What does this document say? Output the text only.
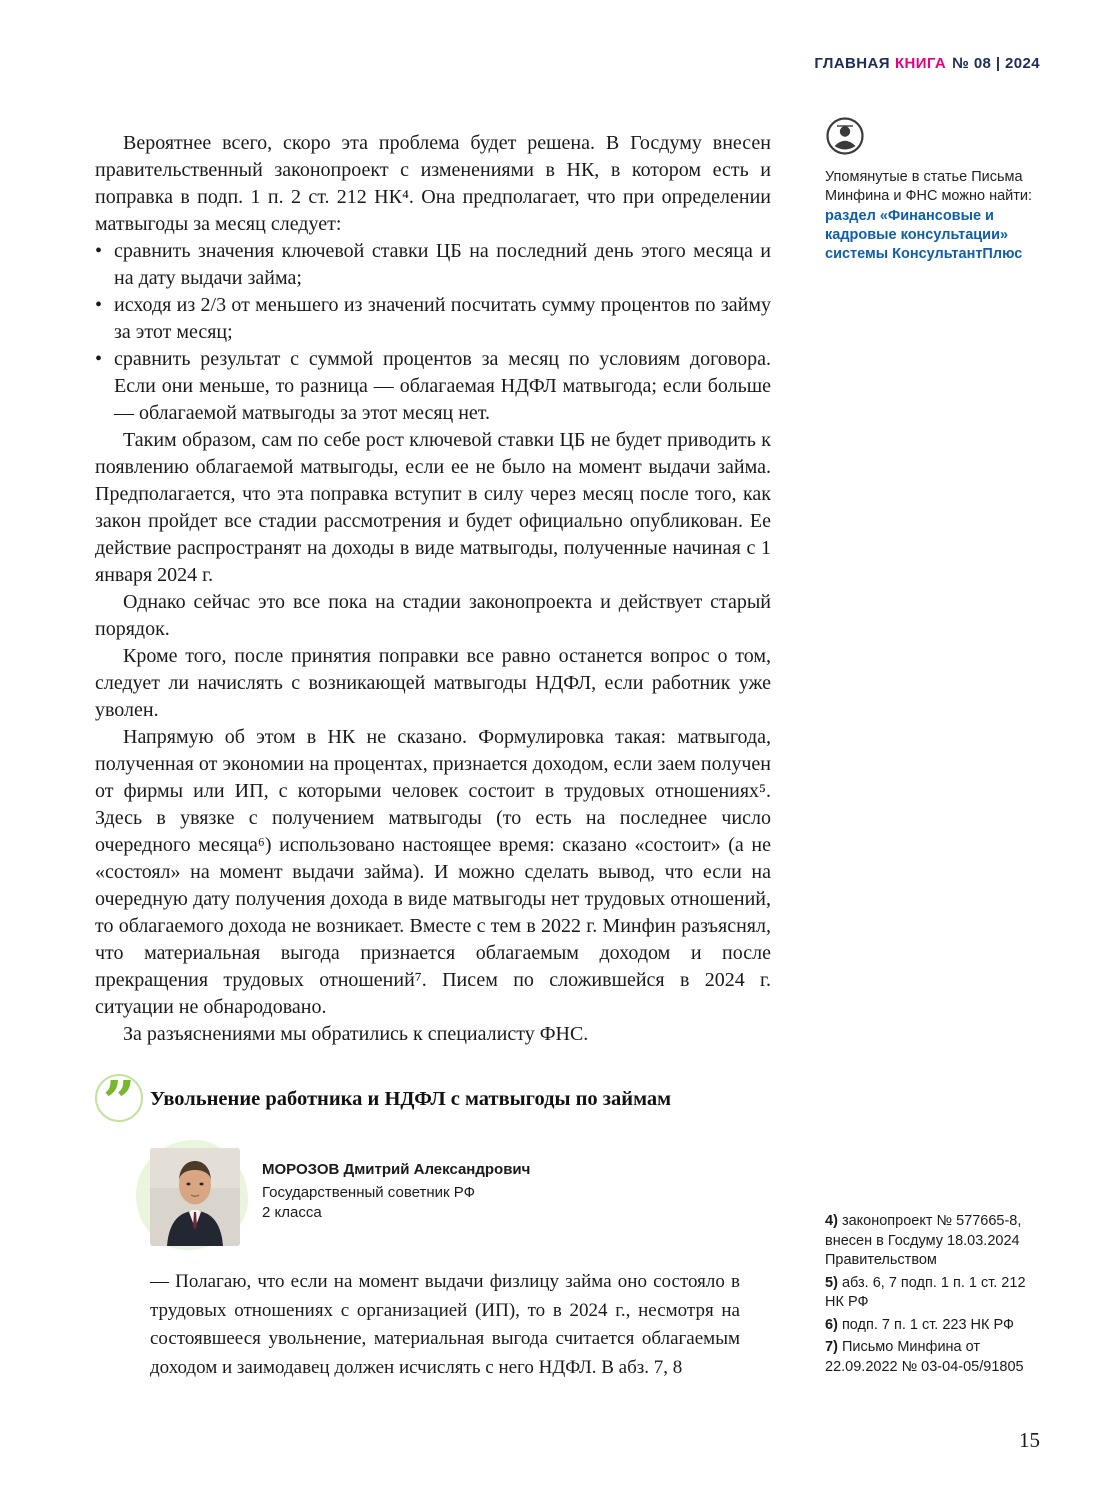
ГЛАВНАЯ КНИГА № 08 | 2024

Упомянутые в статье Письма Минфина и ФНС можно найти:

раздел «Финансовые и кадровые консультации» системы КонсультантПлюс

Вероятнее всего, скоро эта проблема будет решена. В Госдуму внесен правительственный законопроект с изменениями в НК, в котором есть и поправка в подп. 1 п. 2 ст. 212 НК⁴. Она предполагает, что при определении матвыгоды за месяц следует:

• сравнить значения ключевой ставки ЦБ на последний день этого месяца и на дату выдачи займа;
• исходя из 2/3 от меньшего из значений посчитать сумму процентов по займу за этот месяц;
• сравнить результат с суммой процентов за месяц по условиям договора. Если они меньше, то разница — облагаемая НДФЛ матвыгода; если больше — облагаемой матвыгоды за этот месяц нет.

Таким образом, сам по себе рост ключевой ставки ЦБ не будет приводить к появлению облагаемой матвыгоды, если ее не было на момент выдачи займа. Предполагается, что эта поправка вступит в силу через месяц после того, как закон пройдет все стадии рассмотрения и будет официально опубликован. Ее действие распространят на доходы в виде матвыгоды, полученные начиная с 1 января 2024 г.

Однако сейчас это все пока на стадии законопроекта и действует старый порядок.

Кроме того, после принятия поправки все равно останется вопрос о том, следует ли начислять с возникающей матвыгоды НДФЛ, если работник уже уволен.

Напрямую об этом в НК не сказано. Формулировка такая: матвыгода, полученная от экономии на процентах, признается доходом, если заем получен от фирмы или ИП, с которыми человек состоит в трудовых отношениях⁵. Здесь в увязке с получением матвыгоды (то есть на последнее число очередного месяца⁶) использовано настоящее время: сказано «состоит» (а не «состоял» на момент выдачи займа). И можно сделать вывод, что если на очередную дату получения дохода в виде матвыгоды нет трудовых отношений, то облагаемого дохода не возникает. Вместе с тем в 2022 г. Минфин разъяснял, что материальная выгода признается облагаемым доходом и после прекращения трудовых отношений⁷. Писем по сложившейся в 2024 г. ситуации не обнародовано.

За разъяснениями мы обратились к специалисту ФНС.

” Увольнение работника и НДФЛ с матвыгоды по займам
МОРОЗОВ Дмитрий Александрович
Государственный советник РФ
2 класса

— Полагаю, что если на момент выдачи физлицу займа оно состояло в трудовых отношениях с организацией (ИП), то в 2024 г., несмотря на состоявшееся увольнение, материальная выгода считается облагаемым доходом и заимодавец должен исчислять с него НДФЛ. В абз. 7, 8

4) законопроект № 577665-8, внесен в Госдуму 18.03.2024 Правительством

5) абз. 6, 7 подп. 1 п. 1 ст. 212 НК РФ

6) подп. 7 п. 1 ст. 223 НК РФ

7) Письмо Минфина от 22.09.2022 № 03-04-05/91805

15
